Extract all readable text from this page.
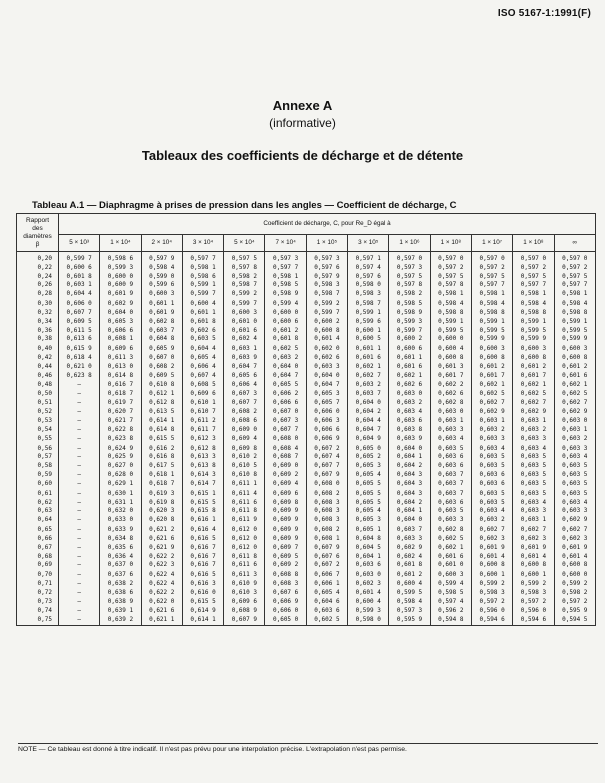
ISO 5167-1:1991(F)
Annexe A
(informative)
Tableaux des coefficients de décharge et de détente
Tableau A.1 — Diaphragme à prises de pression dans les angles — Coefficient de décharge, C
Rapport
des
diamètres
β	Coefficient de décharge, C, pour Re_D égal à												
	5 × 10³	1 × 10⁴	2 × 10⁴	3 × 10⁴	5 × 10⁴	7 × 10⁴	1 × 10⁵	3 × 10⁵	1 × 10⁶	1 × 10⁸	1 × 10⁷	1 × 10⁸	∞
0,20	0,599 7	0,598 6	0,597 9	0,597 7	0,597 5	0,597 3	0,597 3	0,597 1	0,597 0	0,597 0	0,597 0	0,597 0	0,597 0
0,22	0,600 6	0,599 3	0,598 4	0,598 1	0,597 8	0,597 7	0,597 6	0,597 4	0,597 3	0,597 2	0,597 2	0,597 2	0,597 2
0,24	0,601 8	0,600 0	0,599 0	0,598 6	0,598 2	0,598 1	0,597 9	0,597 6	0,597 5	0,597 5	0,597 5	0,597 5	0,597 5
0,26	0,603 1	0,600 9	0,599 6	0,599 1	0,598 7	0,598 5	0,598 3	0,598 0	0,597 8	0,597 8	0,597 7	0,597 7	0,597 7
0,28	0,604 4	0,601 9	0,600 3	0,599 7	0,599 2	0,598 9	0,598 7	0,598 3	0,598 2	0,598 1	0,598 1	0,598 1	0,598 1
0,30	0,606 0	0,602 9	0,601 1	0,600 4	0,599 7	0,599 4	0,599 2	0,598 7	0,598 5	0,598 4	0,598 4	0,598 4	0,598 4
0,32	0,607 7	0,604 0	0,601 9	0,601 1	0,600 3	0,600 0	0,599 7	0,599 1	0,598 9	0,598 8	0,598 8	0,598 8	0,598 8
0,34	0,609 5	0,605 3	0,602 8	0,601 8	0,601 0	0,600 6	0,600 2	0,599 6	0,599 3	0,599 1	0,599 1	0,599 1	0,599 1
0,36	0,611 5	0,606 6	0,603 7	0,602 6	0,601 6	0,601 2	0,600 8	0,600 1	0,599 7	0,599 5	0,599 5	0,599 5	0,599 5
0,38	0,613 6	0,608 1	0,604 8	0,603 5	0,602 4	0,601 8	0,601 4	0,600 5	0,600 2	0,600 0	0,599 9	0,599 9	0,599 9
0,40	0,615 9	0,609 6	0,605 9	0,604 4	0,603 1	0,602 5	0,602 0	0,601 1	0,600 6	0,600 4	0,600 3	0,600 3	0,600 3
0,42	0,618 4	0,611 3	0,607 0	0,605 4	0,603 9	0,603 2	0,602 6	0,601 6	0,601 1	0,600 8	0,600 8	0,600 8	0,600 8
0,44	0,621 0	0,613 0	0,608 2	0,606 4	0,604 7	0,604 0	0,603 3	0,602 1	0,601 6	0,601 3	0,601 2	0,601 2	0,601 2
0,46	0,623 8	0,614 8	0,609 5	0,607 4	0,605 6	0,604 7	0,604 0	0,602 7	0,602 1	0,601 7	0,601 7	0,601 7	0,601 6
0,48	—	0,616 7	0,610 8	0,608 5	0,606 4	0,605 5	0,604 7	0,603 2	0,602 6	0,602 2	0,602 1	0,602 1	0,602 1
0,50	—	0,618 7	0,612 1	0,609 6	0,607 3	0,606 2	0,605 3	0,603 7	0,603 0	0,602 6	0,602 5	0,602 5	0,602 5
0,51	—	0,619 7	0,612 8	0,610 1	0,607 7	0,606 6	0,605 7	0,604 0	0,603 2	0,602 8	0,602 7	0,602 7	0,602 7
0,52	—	0,620 7	0,613 5	0,610 7	0,608 2	0,607 0	0,606 0	0,604 2	0,603 4	0,603 0	0,602 9	0,602 9	0,602 9
0,53	—	0,621 7	0,614 1	0,611 2	0,608 6	0,607 3	0,606 3	0,604 4	0,603 6	0,603 1	0,603 1	0,603 1	0,603 0
0,54	—	0,622 8	0,614 8	0,611 7	0,609 0	0,607 7	0,606 6	0,604 7	0,603 8	0,603 3	0,603 2	0,603 2	0,603 1
0,55	—	0,623 8	0,615 5	0,612 3	0,609 4	0,608 0	0,606 9	0,604 9	0,603 9	0,603 4	0,603 3	0,603 3	0,603 2
0,56	—	0,624 9	0,616 2	0,612 8	0,609 8	0,608 4	0,607 2	0,605 0	0,604 0	0,603 5	0,603 4	0,603 4	0,603 3
0,57	—	0,625 9	0,616 8	0,613 3	0,610 2	0,608 7	0,607 4	0,605 2	0,604 1	0,603 6	0,603 5	0,603 5	0,603 4
0,58	—	0,627 0	0,617 5	0,613 8	0,610 5	0,609 0	0,607 7	0,605 3	0,604 2	0,603 6	0,603 5	0,603 5	0,603 5
0,59	—	0,628 0	0,618 1	0,614 3	0,610 8	0,609 2	0,607 9	0,605 4	0,604 3	0,603 7	0,603 6	0,603 5	0,603 5
0,60	—	0,629 1	0,618 7	0,614 7	0,611 1	0,609 4	0,608 0	0,605 5	0,604 3	0,603 7	0,603 6	0,603 5	0,603 5
0,61	—	0,630 1	0,619 3	0,615 1	0,611 4	0,609 6	0,608 2	0,605 5	0,604 3	0,603 7	0,603 5	0,603 5	0,603 5
0,62	—	0,631 1	0,619 8	0,615 5	0,611 6	0,609 8	0,608 3	0,605 5	0,604 2	0,603 6	0,603 5	0,603 4	0,603 4
0,63	—	0,632 0	0,620 3	0,615 8	0,611 8	0,609 9	0,608 3	0,605 4	0,604 1	0,603 5	0,603 4	0,603 3	0,603 3
0,64	—	0,633 0	0,620 8	0,616 1	0,611 9	0,609 9	0,608 3	0,605 3	0,604 0	0,603 3	0,603 2	0,603 1	0,602 9
0,65	—	0,633 9	0,621 2	0,616 4	0,612 0	0,609 9	0,608 2	0,605 1	0,603 7	0,602 8	0,602 7	0,602 7	0,602 7
0,66	—	0,634 8	0,621 6	0,616 5	0,612 0	0,609 9	0,608 1	0,604 8	0,603 3	0,602 5	0,602 3	0,602 3	0,602 3
0,67	—	0,635 6	0,621 9	0,616 7	0,612 0	0,609 7	0,607 9	0,604 5	0,602 9	0,602 1	0,601 9	0,601 9	0,601 9
0,68	—	0,636 4	0,622 2	0,616 7	0,611 8	0,609 5	0,607 6	0,604 1	0,602 4	0,601 6	0,601 4	0,601 4	0,601 4
0,69	—	0,637 0	0,622 3	0,616 7	0,611 6	0,609 2	0,607 2	0,603 6	0,601 8	0,601 0	0,600 8	0,600 8	0,600 8
0,70	—	0,637 6	0,622 4	0,616 5	0,611 3	0,608 8	0,606 7	0,603 0	0,601 2	0,600 3	0,600 1	0,600 1	0,600 0
0,71	—	0,638 2	0,622 4	0,616 3	0,610 9	0,608 3	0,606 1	0,602 3	0,600 4	0,599 4	0,599 2	0,599 2	0,599 2
0,72	—	0,638 6	0,622 2	0,616 0	0,610 3	0,607 6	0,605 4	0,601 4	0,599 5	0,598 5	0,598 3	0,598 3	0,598 2
0,73	—	0,638 9	0,622 0	0,615 5	0,609 6	0,606 9	0,604 6	0,600 4	0,598 4	0,597 4	0,597 2	0,597 2	0,597 2
0,74	—	0,639 1	0,621 6	0,614 9	0,608 9	0,606 0	0,603 6	0,599 3	0,597 3	0,596 2	0,596 0	0,596 0	0,595 9
0,75	—	0,639 2	0,621 1	0,614 1	0,607 9	0,605 0	0,602 5	0,598 0	0,595 9	0,594 8	0,594 6	0,594 6	0,594 5
NOTE — Ce tableau est donné à titre indicatif. Il n'est pas prévu pour une interpolation précise. L'extrapolation n'est pas permise.
